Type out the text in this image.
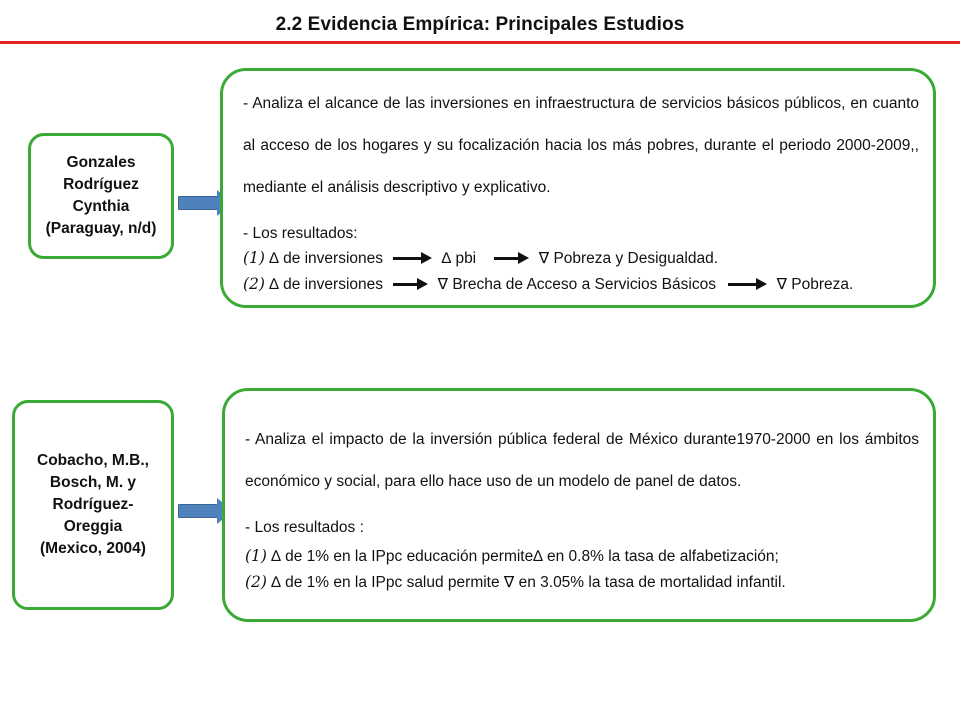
2.2 Evidencia Empírica: Principales Estudios
Gonzales
Rodríguez
Cynthia
(Paraguay, n/d)
- Analiza el alcance de las inversiones en infraestructura de servicios básicos públicos, en cuanto al acceso de los hogares y su focalización hacia los más pobres, durante el periodo 2000-2009,, mediante el análisis descriptivo y explicativo.
- Los resultados:
(1) ∆ de inversiones	∆ pbi	∇ Pobreza y Desigualdad.
(2) ∆ de inversiones	∇ Brecha de Acceso a Servicios Básicos	∇ Pobreza.
Cobacho, M.B.,
Bosch, M. y
Rodríguez-
Oreggia
(Mexico, 2004)
- Analiza el impacto de la inversión pública federal de México durante1970-2000 en los ámbitos económico y social, para ello hace uso de un modelo de panel de datos.
- Los resultados :
(1) ∆ de 1% en la IPpc educación permite∆ en 0.8% la tasa de alfabetización;
(2) ∆ de 1% en la IPpc salud permite ∇ en 3.05% la tasa de mortalidad infantil.
